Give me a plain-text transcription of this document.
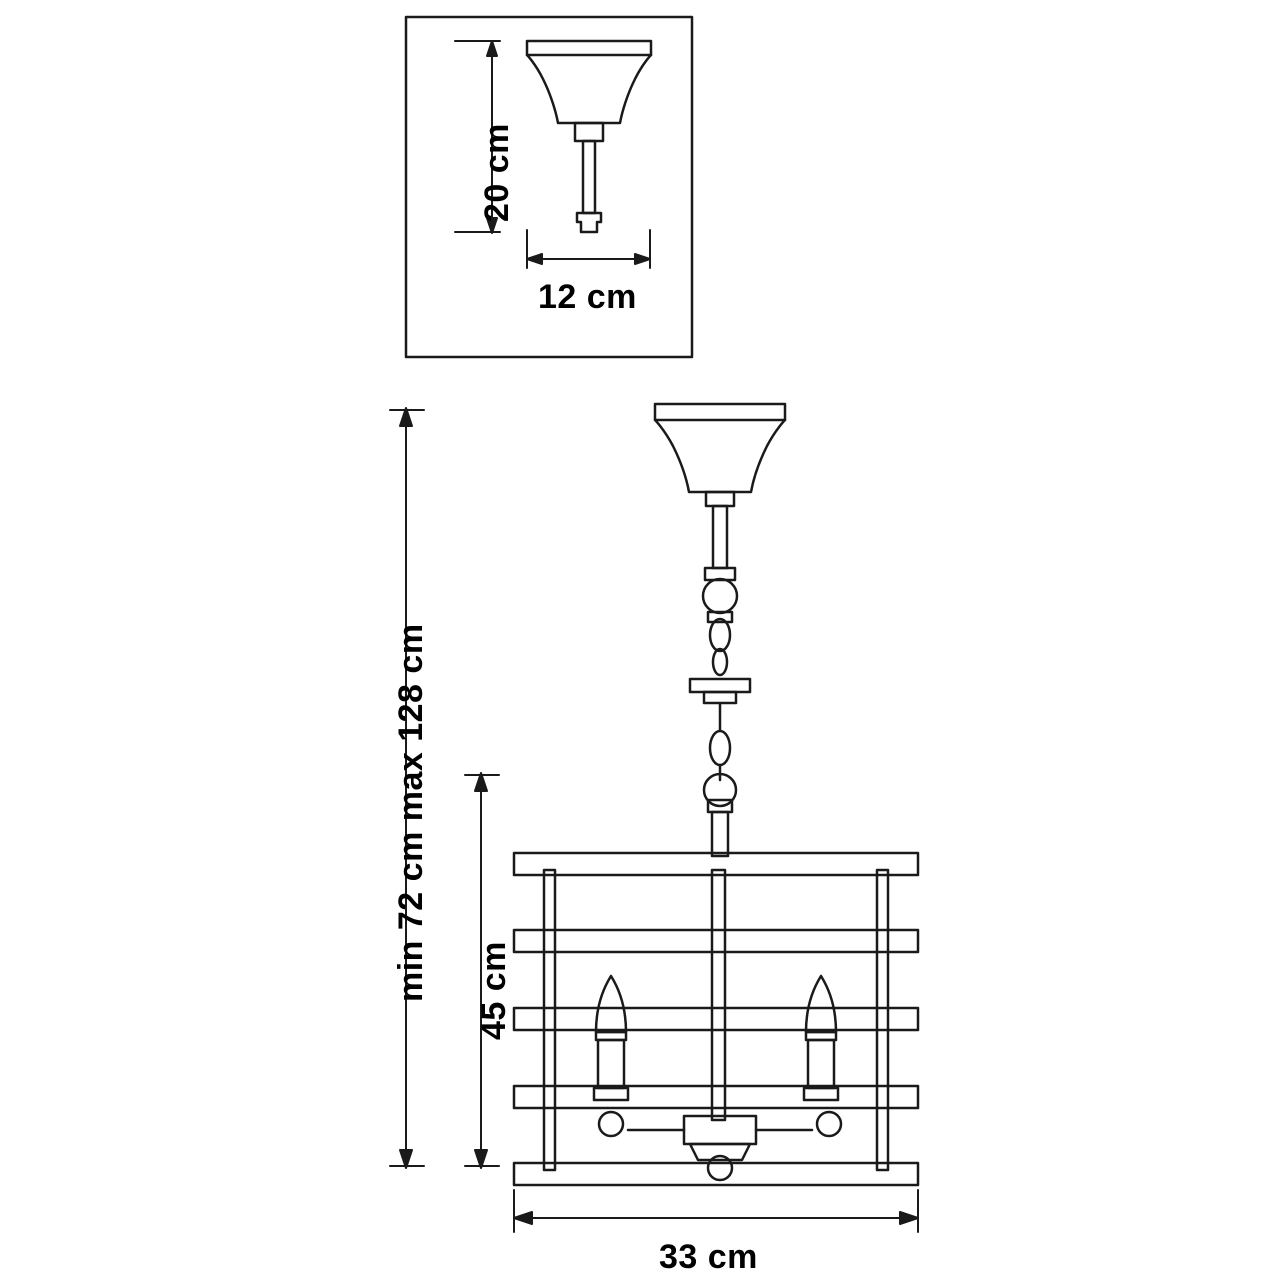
20 cm
12 cm
min 72 cm max 128 cm 45 cm
33 cm
